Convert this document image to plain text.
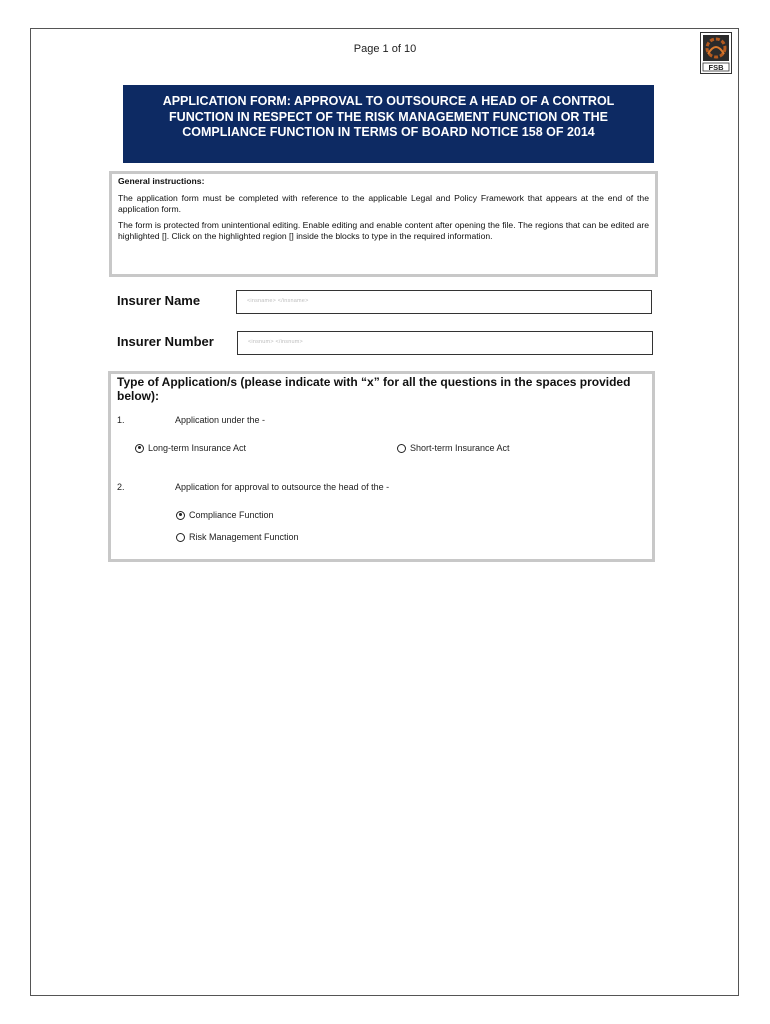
Page 1 of 10
FSB
APPLICATION FORM: APPROVAL TO OUTSOURCE A HEAD OF A CONTROL FUNCTION IN RESPECT OF THE RISK MANAGEMENT FUNCTION OR THE COMPLIANCE FUNCTION IN TERMS OF BOARD NOTICE 158 OF 2014
General instructions:

The application form must be completed with reference to the applicable Legal and Policy Framework that appears at the end of the application form.

The form is protected from unintentional editing. Enable editing and enable content after opening the file. The regions that can be edited are highlighted []. Click on the highlighted region [] inside the blocks to type in the required information.

Insurer Name	<insname> </insname>
Insurer Number	<insnum> </insnum>
Type of Application/s (please indicate with “x” for all the questions in the spaces provided below):
1.	Application under the -
Long-term Insurance Act	Short-term Insurance Act
2.	Application for approval to outsource the head of the -
Compliance Function
Risk Management Function
